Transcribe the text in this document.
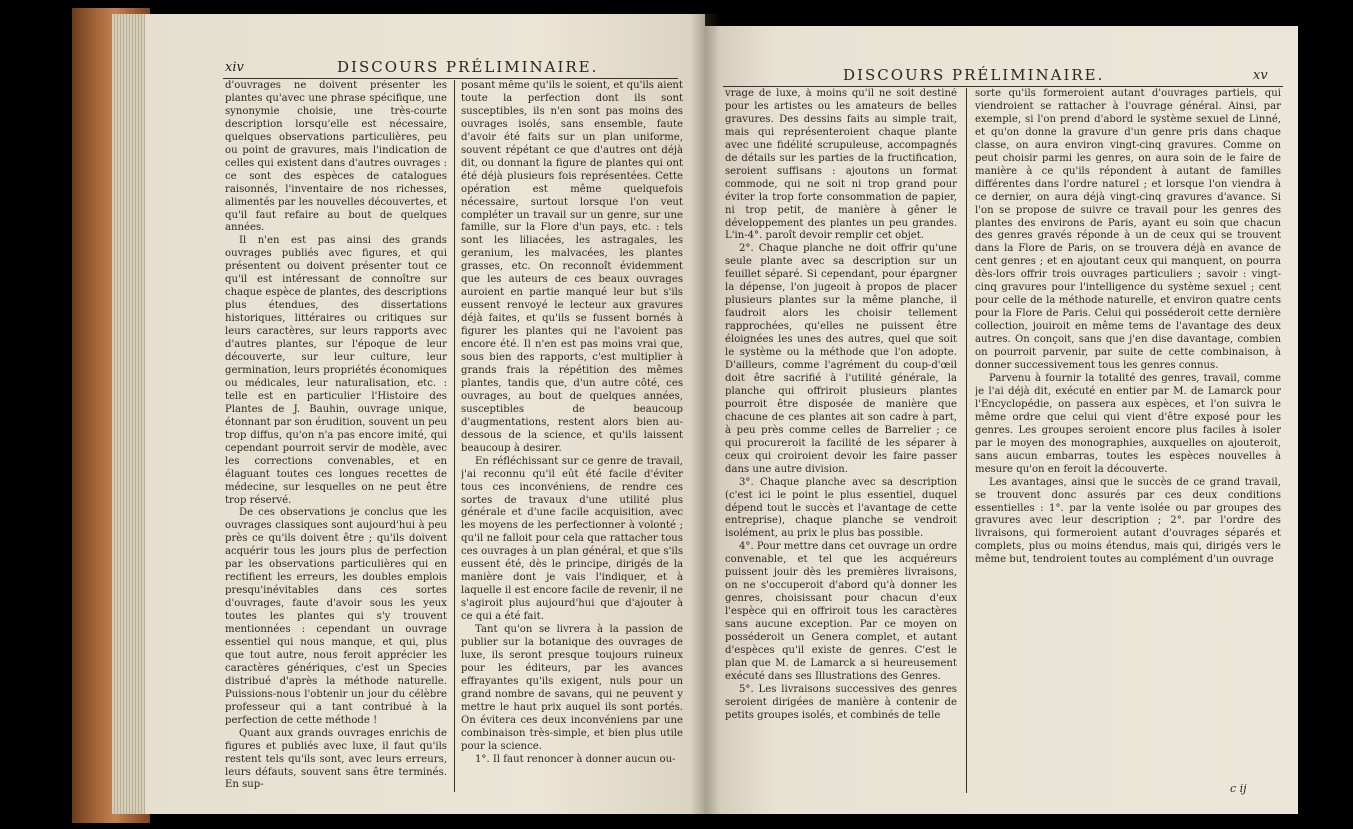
xiv	DISCOURS PRÉLIMINAIRE.

d'ouvrages ne doivent présenter les plantes qu'avec une phrase spécifique, une synonymie choisie, une très-courte description lorsqu'elle est nécessaire, quelques observations particulières, peu ou point de gravures, mais l'indication de celles qui existent dans d'autres ouvrages : ce sont des espèces de catalogues raisonnés, l'inventaire de nos richesses, alimentés par les nouvelles découvertes, et qu'il faut refaire au bout de quelques années.

Il n'en est pas ainsi des grands ouvrages publiés avec figures, et qui présentent ou doivent présenter tout ce qu'il est intéressant de connoître sur chaque espèce de plantes, des descriptions plus étendues, des dissertations historiques, littéraires ou critiques sur leurs caractères, sur leurs rapports avec d'autres plantes, sur l'époque de leur découverte, sur leur culture, leur germination, leurs propriétés économiques ou médicales, leur naturalisation, etc. : telle est en particulier l'Histoire des Plantes de J. Bauhin, ouvrage unique, étonnant par son érudition, souvent un peu trop diffus, qu'on n'a pas encore imité, qui cependant pourroit servir de modèle, avec les corrections convenables, et en élaguant toutes ces longues recettes de médecine, sur lesquelles on ne peut être trop réservé.

De ces observations je conclus que les ouvrages classiques sont aujourd'hui à peu près ce qu'ils doivent être ; qu'ils doivent acquérir tous les jours plus de perfection par les observations particulières qui en rectifient les erreurs, les doubles emplois presqu'inévitables dans ces sortes d'ouvrages, faute d'avoir sous les yeux toutes les plantes qui s'y trouvent mentionnées : cependant un ouvrage essentiel qui nous manque, et qui, plus que tout autre, nous feroit apprécier les caractères génériques, c'est un Species distribué d'après la méthode naturelle. Puissions-nous l'obtenir un jour du célèbre professeur qui a tant contribué à la perfection de cette méthode !

Quant aux grands ouvrages enrichis de figures et publiés avec luxe, il faut qu'ils restent tels qu'ils sont, avec leurs erreurs, leurs défauts, souvent sans être terminés. En sup-

posant même qu'ils le soient, et qu'ils aient toute la perfection dont ils sont susceptibles, ils n'en sont pas moins des ouvrages isolés, sans ensemble, faute d'avoir été faits sur un plan uniforme, souvent répétant ce que d'autres ont déjà dit, ou donnant la figure de plantes qui ont été déjà plusieurs fois représentées. Cette opération est même quelquefois nécessaire, surtout lorsque l'on veut compléter un travail sur un genre, sur une famille, sur la Flore d'un pays, etc. : tels sont les liliacées, les astragales, les geranium, les malvacées, les plantes grasses, etc. On reconnoît évidemment que les auteurs de ces beaux ouvrages auroient en partie manqué leur but s'ils eussent renvoyé le lecteur aux gravures déjà faites, et qu'ils se fussent bornés à figurer les plantes qui ne l'avoient pas encore été. Il n'en est pas moins vrai que, sous bien des rapports, c'est multiplier à grands frais la répétition des mêmes plantes, tandis que, d'un autre côté, ces ouvrages, au bout de quelques années, susceptibles de beaucoup d'augmentations, restent alors bien au-dessous de la science, et qu'ils laissent beaucoup à desirer.

En réfléchissant sur ce genre de travail, j'ai reconnu qu'il eût été facile d'éviter tous ces inconvéniens, de rendre ces sortes de travaux d'une utilité plus générale et d'une facile acquisition, avec les moyens de les perfectionner à volonté ; qu'il ne falloit pour cela que rattacher tous ces ouvrages à un plan général, et que s'ils eussent été, dès le principe, dirigés de la manière dont je vais l'indiquer, et à laquelle il est encore facile de revenir, il ne s'agiroit plus aujourd'hui que d'ajouter à ce qui a été fait.

Tant qu'on se livrera à la passion de publier sur la botanique des ouvrages de luxe, ils seront presque toujours ruineux pour les éditeurs, par les avances effrayantes qu'ils exigent, nuls pour un grand nombre de savans, qui ne peuvent y mettre le haut prix auquel ils sont portés. On évitera ces deux inconvéniens par une combinaison très-simple, et bien plus utile pour la science.

1°. Il faut renoncer à donner aucun ou-

DISCOURS PRÉLIMINAIRE.	xv

vrage de luxe, à moins qu'il ne soit destiné pour les artistes ou les amateurs de belles gravures. Des dessins faits au simple trait, mais qui représenteroient chaque plante avec une fidélité scrupuleuse, accompagnés de détails sur les parties de la fructification, seroient suffisans : ajoutons un format commode, qui ne soit ni trop grand pour éviter la trop forte consommation de papier, ni trop petit, de manière à gêner le développement des plantes un peu grandes. L'in-4°. paroît devoir remplir cet objet.

2°. Chaque planche ne doit offrir qu'une seule plante avec sa description sur un feuillet séparé. Si cependant, pour épargner la dépense, l'on jugeoit à propos de placer plusieurs plantes sur la même planche, il faudroit alors les choisir tellement rapprochées, qu'elles ne puissent être éloignées les unes des autres, quel que soit le système ou la méthode que l'on adopte. D'ailleurs, comme l'agrément du coup-d'œil doit être sacrifié à l'utilité générale, la planche qui offriroit plusieurs plantes pourroit être disposée de manière que chacune de ces plantes ait son cadre à part, à peu près comme celles de Barrelier ; ce qui procureroit la facilité de les séparer à ceux qui croiroient devoir les faire passer dans une autre division.

3°. Chaque planche avec sa description (c'est ici le point le plus essentiel, duquel dépend tout le succès et l'avantage de cette entreprise), chaque planche se vendroit isolément, au prix le plus bas possible.

4°. Pour mettre dans cet ouvrage un ordre convenable, et tel que les acquéreurs puissent jouir dès les premières livraisons, on ne s'occuperoit d'abord qu'à donner les genres, choisissant pour chacun d'eux l'espèce qui en offriroit tous les caractères sans aucune exception. Par ce moyen on posséderoit un Genera complet, et autant d'espèces qu'il existe de genres. C'est le plan que M. de Lamarck a si heureusement exécuté dans ses Illustrations des Genres.

5°. Les livraisons successives des genres seroient dirigées de manière à contenir de petits groupes isolés, et combinés de telle

sorte qu'ils formeroient autant d'ouvrages partiels, qui viendroient se rattacher à l'ouvrage général. Ainsi, par exemple, si l'on prend d'abord le système sexuel de Linné, et qu'on donne la gravure d'un genre pris dans chaque classe, on aura environ vingt-cinq gravures. Comme on peut choisir parmi les genres, on aura soin de le faire de manière à ce qu'ils répondent à autant de familles différentes dans l'ordre naturel ; et lorsque l'on viendra à ce dernier, on aura déjà vingt-cinq gravures d'avance. Si l'on se propose de suivre ce travail pour les genres des plantes des environs de Paris, ayant eu soin que chacun des genres gravés réponde à un de ceux qui se trouvent dans la Flore de Paris, on se trouvera déjà en avance de cent genres ; et en ajoutant ceux qui manquent, on pourra dès-lors offrir trois ouvrages particuliers ; savoir : vingt-cinq gravures pour l'intelligence du système sexuel ; cent pour celle de la méthode naturelle, et environ quatre cents pour la Flore de Paris. Celui qui posséderoit cette dernière collection, jouiroit en même tems de l'avantage des deux autres. On conçoit, sans que j'en dise davantage, combien on pourroit parvenir, par suite de cette combinaison, à donner successivement tous les genres connus.

Parvenu à fournir la totalité des genres, travail, comme je l'ai déjà dit, exécuté en entier par M. de Lamarck pour l'Encyclopédie, on passera aux espèces, et l'on suivra le même ordre que celui qui vient d'être exposé pour les genres. Les groupes seroient encore plus faciles à isoler par le moyen des monographies, auxquelles on ajouteroit, sans aucun embarras, toutes les espèces nouvelles à mesure qu'on en feroit la découverte.

Les avantages, ainsi que le succès de ce grand travail, se trouvent donc assurés par ces deux conditions essentielles : 1°. par la vente isolée ou par groupes des gravures avec leur description ; 2°. par l'ordre des livraisons, qui formeroient autant d'ouvrages séparés et complets, plus ou moins étendus, mais qui, dirigés vers le même but, tendroient toutes au complément d'un ouvrage

c ij
